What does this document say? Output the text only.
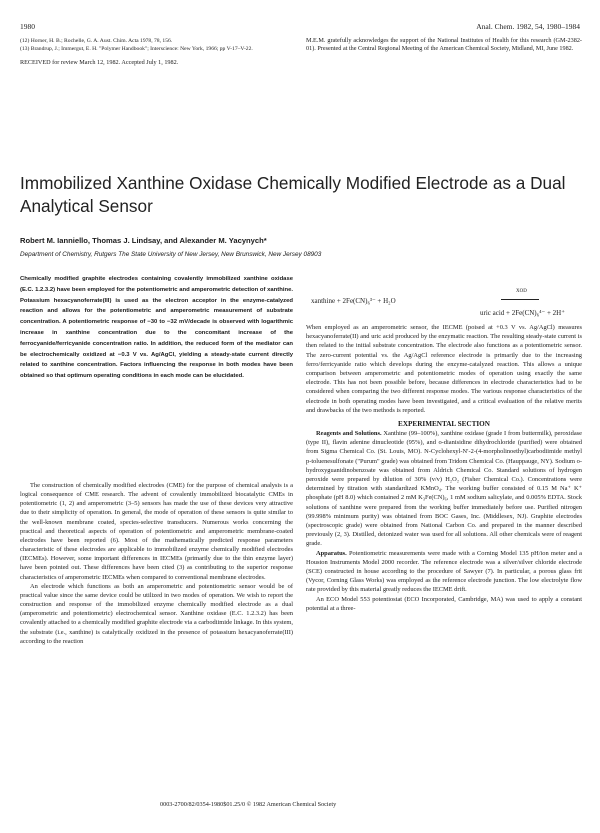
1980	Anal. Chem. 1982, 54, 1980–1984
(12) Horner, H. B.; Rochelle, G. A. Aust. Chim. Acta 1978, 78, 156.
(13) Brandrup, J.; Immergut, E. H. "Polymer Handbook"; Interscience: New York, 1966; pp V-17–V-22.
RECEIVED for review March 12, 1982. Accepted July 1, 1982.
M.E.M. gratefully acknowledges the support of the National Institutes of Health for this research (GM-2382-01). Presented at the Central Regional Meeting of the American Chemical Society, Midland, MI, June 1982.
Immobilized Xanthine Oxidase Chemically Modified Electrode as a Dual Analytical Sensor
Robert M. Ianniello, Thomas J. Lindsay, and Alexander M. Yacynych*
Department of Chemistry, Rutgers The State University of New Jersey, New Brunswick, New Jersey 08903
Chemically modified graphite electrodes containing covalently immobilized xanthine oxidase (E.C. 1.2.3.2) have been employed for the potentiometric and amperometric detection of xanthine. Potassium hexacyanoferrate(III) is used as the electron acceptor in the enzyme-catalyzed reaction and allows for the potentiometric and amperometric measurement of substrate concentration. A potentiometric response of −30 to −32 mV/decade is observed with logarithmic increase in xanthine concentration due to the concomitant increase of the ferrocyanide/ferricyanide concentration ratio. In addition, the reduced form of the mediator can be electrochemically oxidized at −0.3 V vs. Ag/AgCl, yielding a steady-state current directly related to xanthine concentration. Factors influencing the response in both modes have been obtained so that optimum operating conditions in each mode can be elucidated.

The construction of chemically modified electrodes (CME) for the purpose of chemical analysis is a logical consequence of CME research. The advent of covalently immobilized biocatalytic CMEs in potentiometric (1, 2) and amperometric (3–5) sensors has made the use of these devices very attractive due to their simplicity of operation. In general, the mode of operation of these sensors is quite similar to the well-known membrane coated, species-selective transducers. Numerous works concerning the practical and theoretical aspects of operation of potentiometric and amperometric membrane-coated electrodes have been reported (6). Most of the mathematically predicted response parameters characteristic of these electrodes are applicable to immobilized enzyme chemically modified electrodes (IECMEs). However, some important differences in IECMEs (primarily due to the thin enzyme layer) have been pointed out. These differences have been cited (3) as contributing to the superior response characteristics of amperometric IECMEs when compared to conventional membrane electrodes.

An electrode which functions as both an amperometric and potentiometric sensor would be of practical value since the same device could be utilized in two modes of operation. We wish to report the construction and response of the immobilized enzyme chemically modified electrode as a dual (amperometric and potentiometric) electrochemical sensor. Xanthine oxidase (E.C. 1.2.3.2) has been covalently attached to a chemically modified graphite electrode via a carbodiimide linkage. In this system, the substrate (i.e., xanthine) is catalytically oxidized in the presence of potassium hexacyanoferrate(III) according to the reaction

xanthine + 2Fe(CN)₆³⁻ + H₂O
XOD
uric acid + 2Fe(CN)₆⁴⁻ + 2H⁺

When employed as an amperometric sensor, the IECME (poised at +0.3 V vs. Ag/AgCl) measures hexacyanoferrate(II) and uric acid produced by the enzymatic reaction. The resulting steady-state current is then related to the initial substrate concentration. The electrode also functions as a potentiometric sensor. The zero-current potential vs. the Ag/AgCl reference electrode is primarily due to the increasing ferro/ferricyanide ratio which develops during the enzyme-catalyzed reaction. This allows a unique comparison between amperometric and potentiometric modes of operation using exactly the same electrode. This has not been possible before, because differences in electrode characteristics had to be considered when comparing the two different response modes. The various response characteristics of the electrode in both operating modes have been investigated, and a critical evaluation of the relative merits and drawbacks of the two methods is reported.

EXPERIMENTAL SECTION

Reagents and Solutions. Xanthine (99–100%), xanthine oxidase (grade I from buttermilk), peroxidase (type II), flavin adenine dinucleotide (95%), and o-dianisidine dihydrochloride (purified) were obtained from Sigma Chemical Co. (St. Louis, MO). N-Cyclohexyl-N′-2-(4-morpholinoethyl)carbodiimide methyl p-toluenesulfonate ("Purum" grade) was obtained from Tridom Chemical Co. (Hauppauge, NY). Sodium o-hydroxyguanidinobenzoate was obtained from Aldrich Chemical Co. Standard solutions of hydrogen peroxide were prepared by dilution of 30% (v/v) H₂O₂ (Fisher Chemical Co.). Concentrations were determined by titration with standardized KMnO₄. The working buffer consisted of 0.15 M Na⁺ K⁺ phosphate (pH 8.0) which contained 2 mM K₃Fe(CN)₆, 1 mM sodium salicylate, and 0.005% EDTA. Stock solutions of xanthine were prepared from the working buffer immediately before use. Purified nitrogen (99.998% minimum purity) was obtained from BOC Gases, Inc. (Middlesex, NJ). Graphite electrodes (spectroscopic grade) were obtained from National Carbon Co. and prepared in the manner described previously (2, 3). Distilled, deionized water was used for all solutions. All other chemicals were of reagent grade.

Apparatus. Potentiometric measurements were made with a Corning Model 135 pH/ion meter and a Houston Instruments Model 2000 recorder. The reference electrode was a silver/silver chloride electrode (SCE) constructed in house according to the procedure of Sawyer (7). In particular, a porous glass frit (Vycor, Corning Glass Works) was employed as the reference electrode junction. The low electrolyte flow rate provided by this material greatly reduces the IECME drift.

An ECO Model 553 potentiostat (ECO Incorporated, Cambridge, MA) was used to apply a constant potential at a three-

0003-2700/82/0354-1980$01.25/0 © 1982 American Chemical Society
